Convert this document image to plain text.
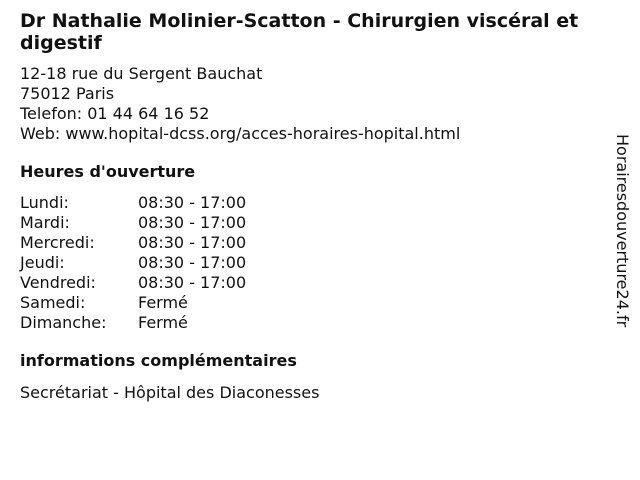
Dr Nathalie Molinier-Scatton - Chirurgien viscéral et digestif
12-18 rue du Sergent Bauchat
75012 Paris
Telefon: 01 44 64 16 52
Web: www.hopital-dcss.org/acces-horaires-hopital.html
Heures d'ouverture
Lundi:	08:30 - 17:00
Mardi:	08:30 - 17:00
Mercredi:	08:30 - 17:00
Jeudi:	08:30 - 17:00
Vendredi:	08:30 - 17:00
Samedi:	Fermé
Dimanche:	Fermé
informations complémentaires
Secrétariat - Hôpital des Diaconesses
Horairesdouverture24.fr
